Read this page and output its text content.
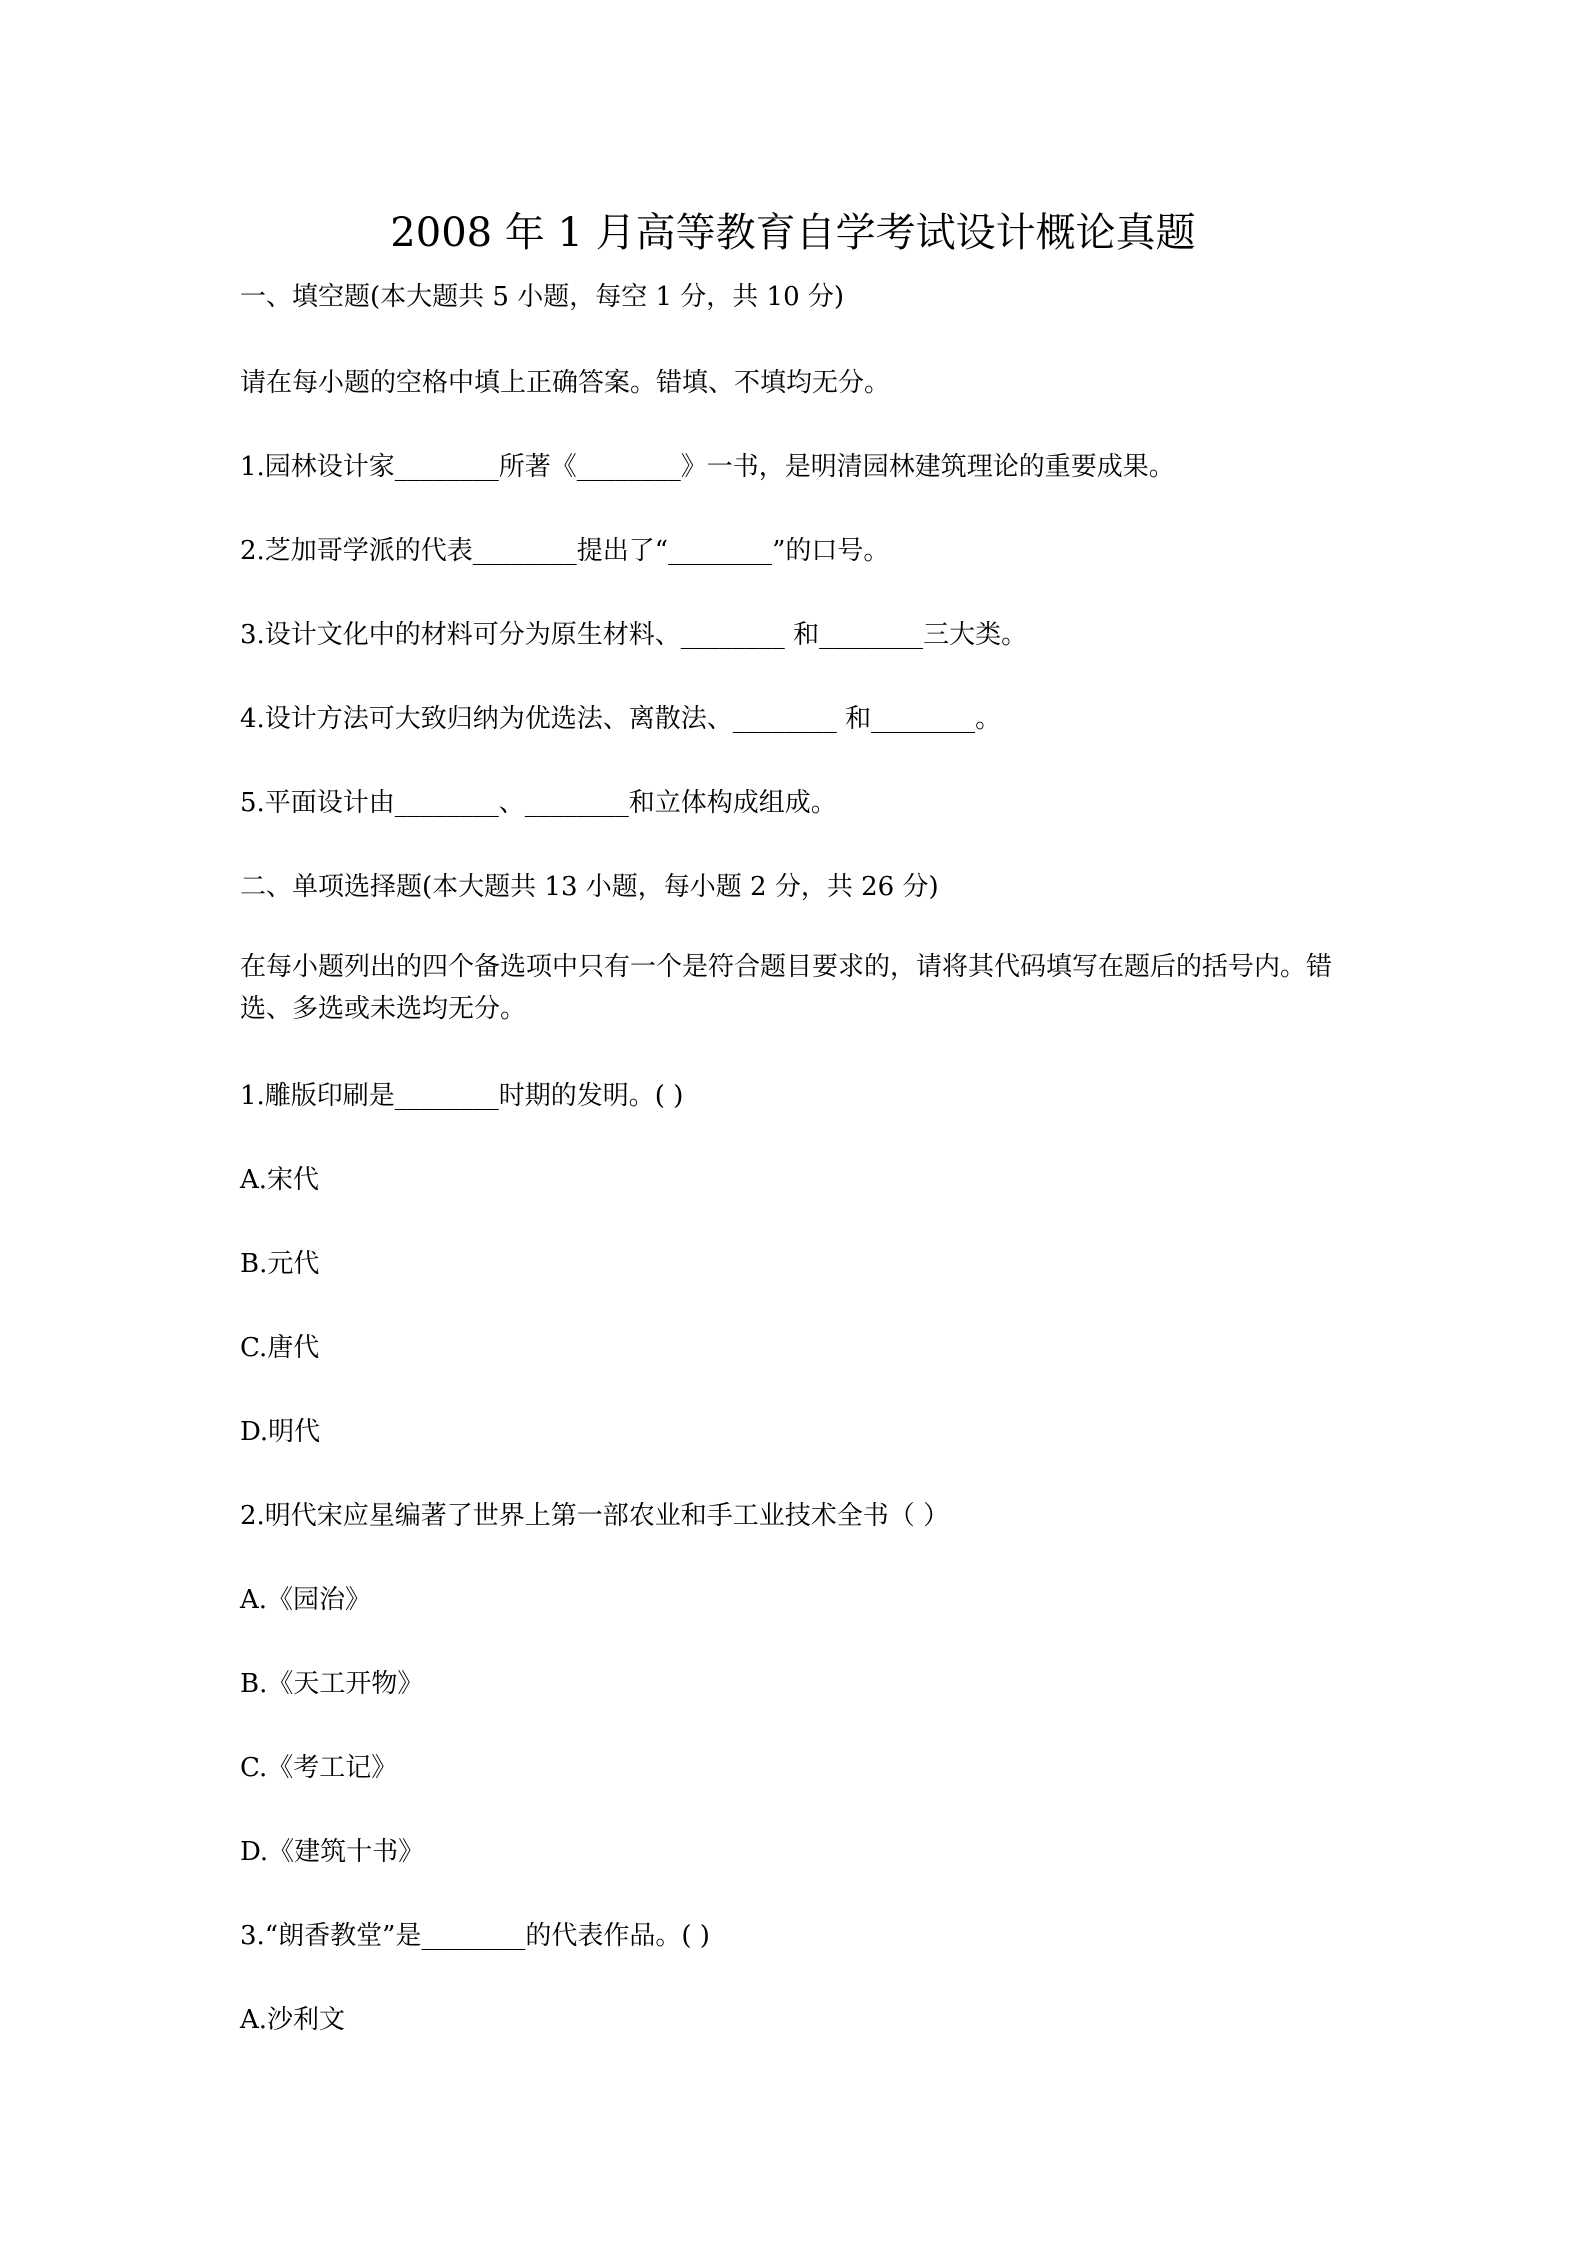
2008 年 1 月高等教育自学考试设计概论真题
一、填空题(本大题共 5 小题，每空 1 分，共 10 分)
请在每小题的空格中填上正确答案。错填、不填均无分。
1.园林设计家________所著《________》一书，是明清园林建筑理论的重要成果。
2.芝加哥学派的代表________提出了“________”的口号。
3.设计文化中的材料可分为原生材料、________ 和________三大类。
4.设计方法可大致归纳为优选法、离散法、________ 和________。
5.平面设计由________、________和立体构成组成。
二、单项选择题(本大题共 13 小题，每小题 2 分，共 26 分)
在每小题列出的四个备选项中只有一个是符合题目要求的，请将其代码填写在题后的括号内。错选、多选或未选均无分。
1.雕版印刷是________时期的发明。( )
A.宋代
B.元代
C.唐代
D.明代
2.明代宋应星编著了世界上第一部农业和手工业技术全书（ ）
A.《园治》
B.《天工开物》
C.《考工记》
D.《建筑十书》
3.“朗香教堂”是________的代表作品。( )
A.沙利文
